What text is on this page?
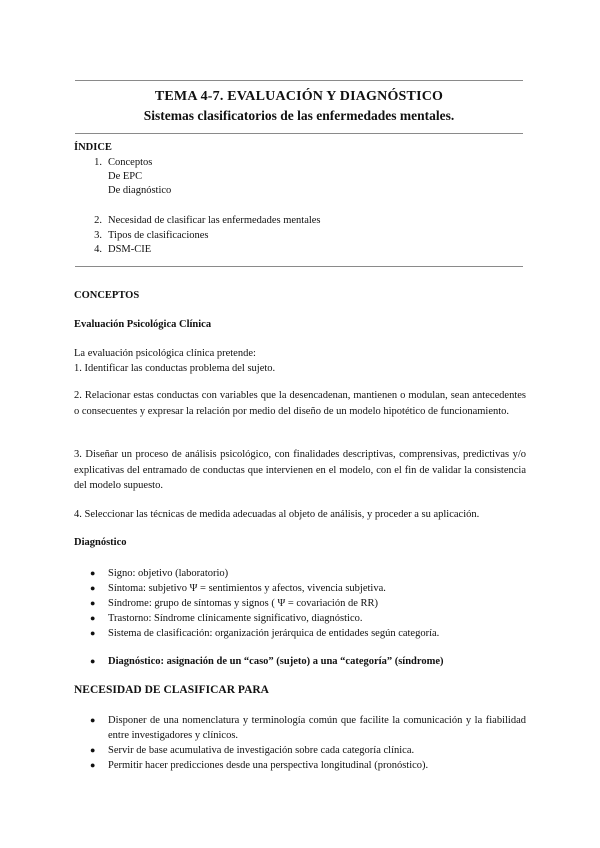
TEMA 4-7. EVALUACIÓN Y DIAGNÓSTICO
Sistemas clasificatorios de las enfermedades mentales.
ÍNDICE
1. Conceptos
De EPC
De diagnóstico
2. Necesidad de clasificar las enfermedades mentales
3. Tipos de clasificaciones
4. DSM-CIE
CONCEPTOS
Evaluación Psicológica Clínica
La evaluación psicológica clínica pretende:
1. Identificar las conductas problema del sujeto.
2. Relacionar estas conductas con variables que la desencadenan, mantienen o modulan, sean antecedentes o consecuentes y expresar la relación por medio del diseño de un modelo hipotético de funcionamiento.
3. Diseñar un proceso de análisis psicológico, con finalidades descriptivas, comprensivas, predictivas y/o explicativas del entramado de conductas que intervienen en el modelo, con el fin de validar la consistencia del modelo supuesto.
4. Seleccionar las técnicas de medida adecuadas al objeto de análisis, y proceder a su aplicación.
Diagnóstico
● Signo: objetivo (laboratorio)
● Síntoma: subjetivo Ψ = sentimientos y afectos, vivencia subjetiva.
● Síndrome: grupo de síntomas y signos ( Ψ = covariación de RR)
● Trastorno: Síndrome clínicamente significativo, diagnóstico.
● Sistema de clasificación: organización jerárquica de entidades según categoría.
● Diagnóstico: asignación de un “caso” (sujeto) a una “categoría” (síndrome)
NECESIDAD DE CLASIFICAR PARA
● Disponer de una nomenclatura y terminología común que facilite la comunicación y la fiabilidad entre investigadores y clínicos.
● Servir de base acumulativa de investigación sobre cada categoría clínica.
● Permitir hacer predicciones desde una perspectiva longitudinal (pronóstico).
